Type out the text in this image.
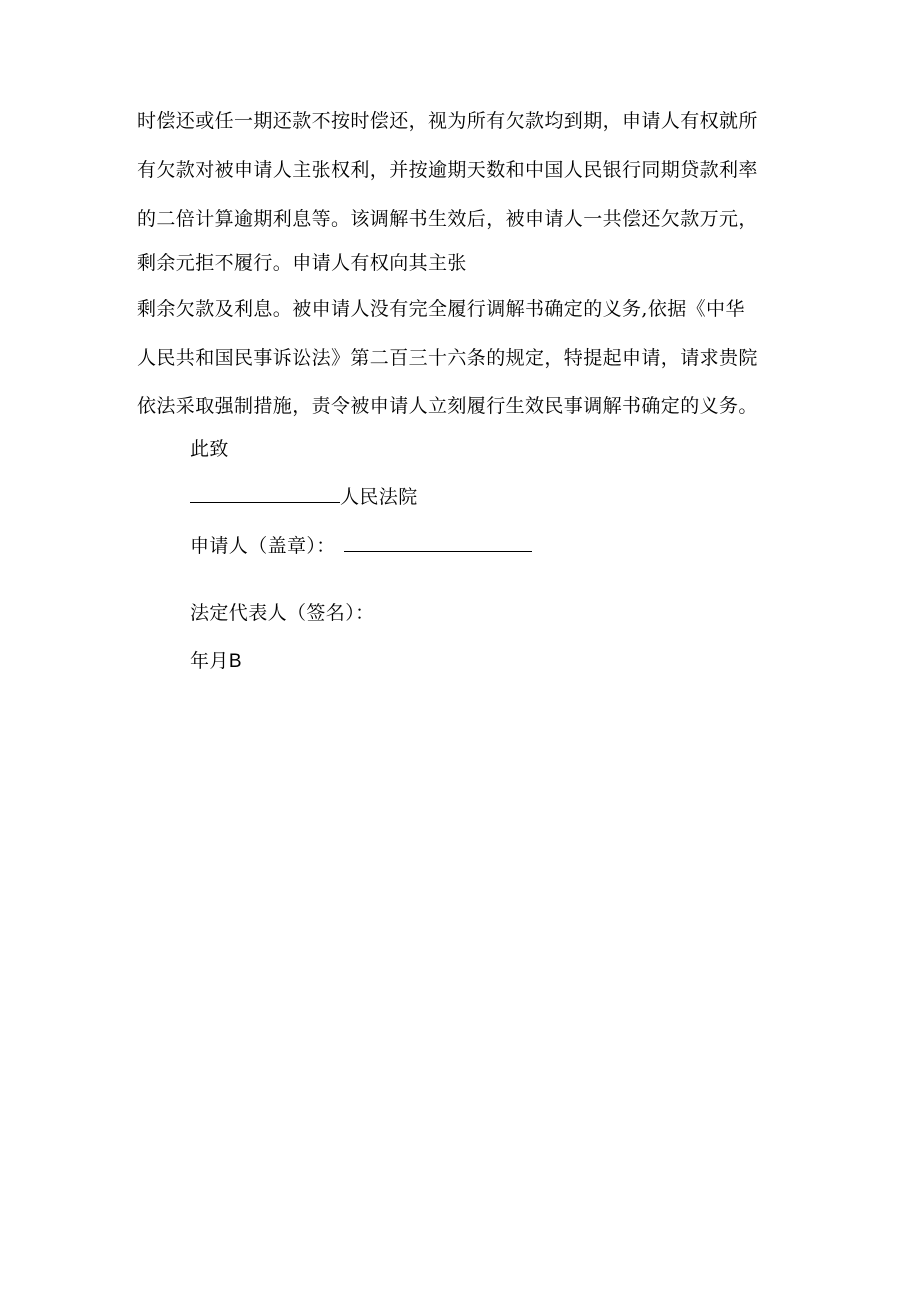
时偿还或任一期还款不按时偿还，视为所有欠款均到期，申请人有权就所
有欠款对被申请人主张权利，并按逾期天数和中国人民银行同期贷款利率
的二倍计算逾期利息等。该调解书生效后，被申请人一共偿还欠款万元，
剩余元拒不履行。申请人有权向其主张
剩余欠款及利息。被申请人没有完全履行调解书确定的义务,依据《中华
人民共和国民事诉讼法》第二百三十六条的规定，特提起申请，请求贵院
依法采取强制措施，责令被申请人立刻履行生效民事调解书确定的义务。
此致
人民法院
申请人（盖章）：
法定代表人（签名）：
年月B
